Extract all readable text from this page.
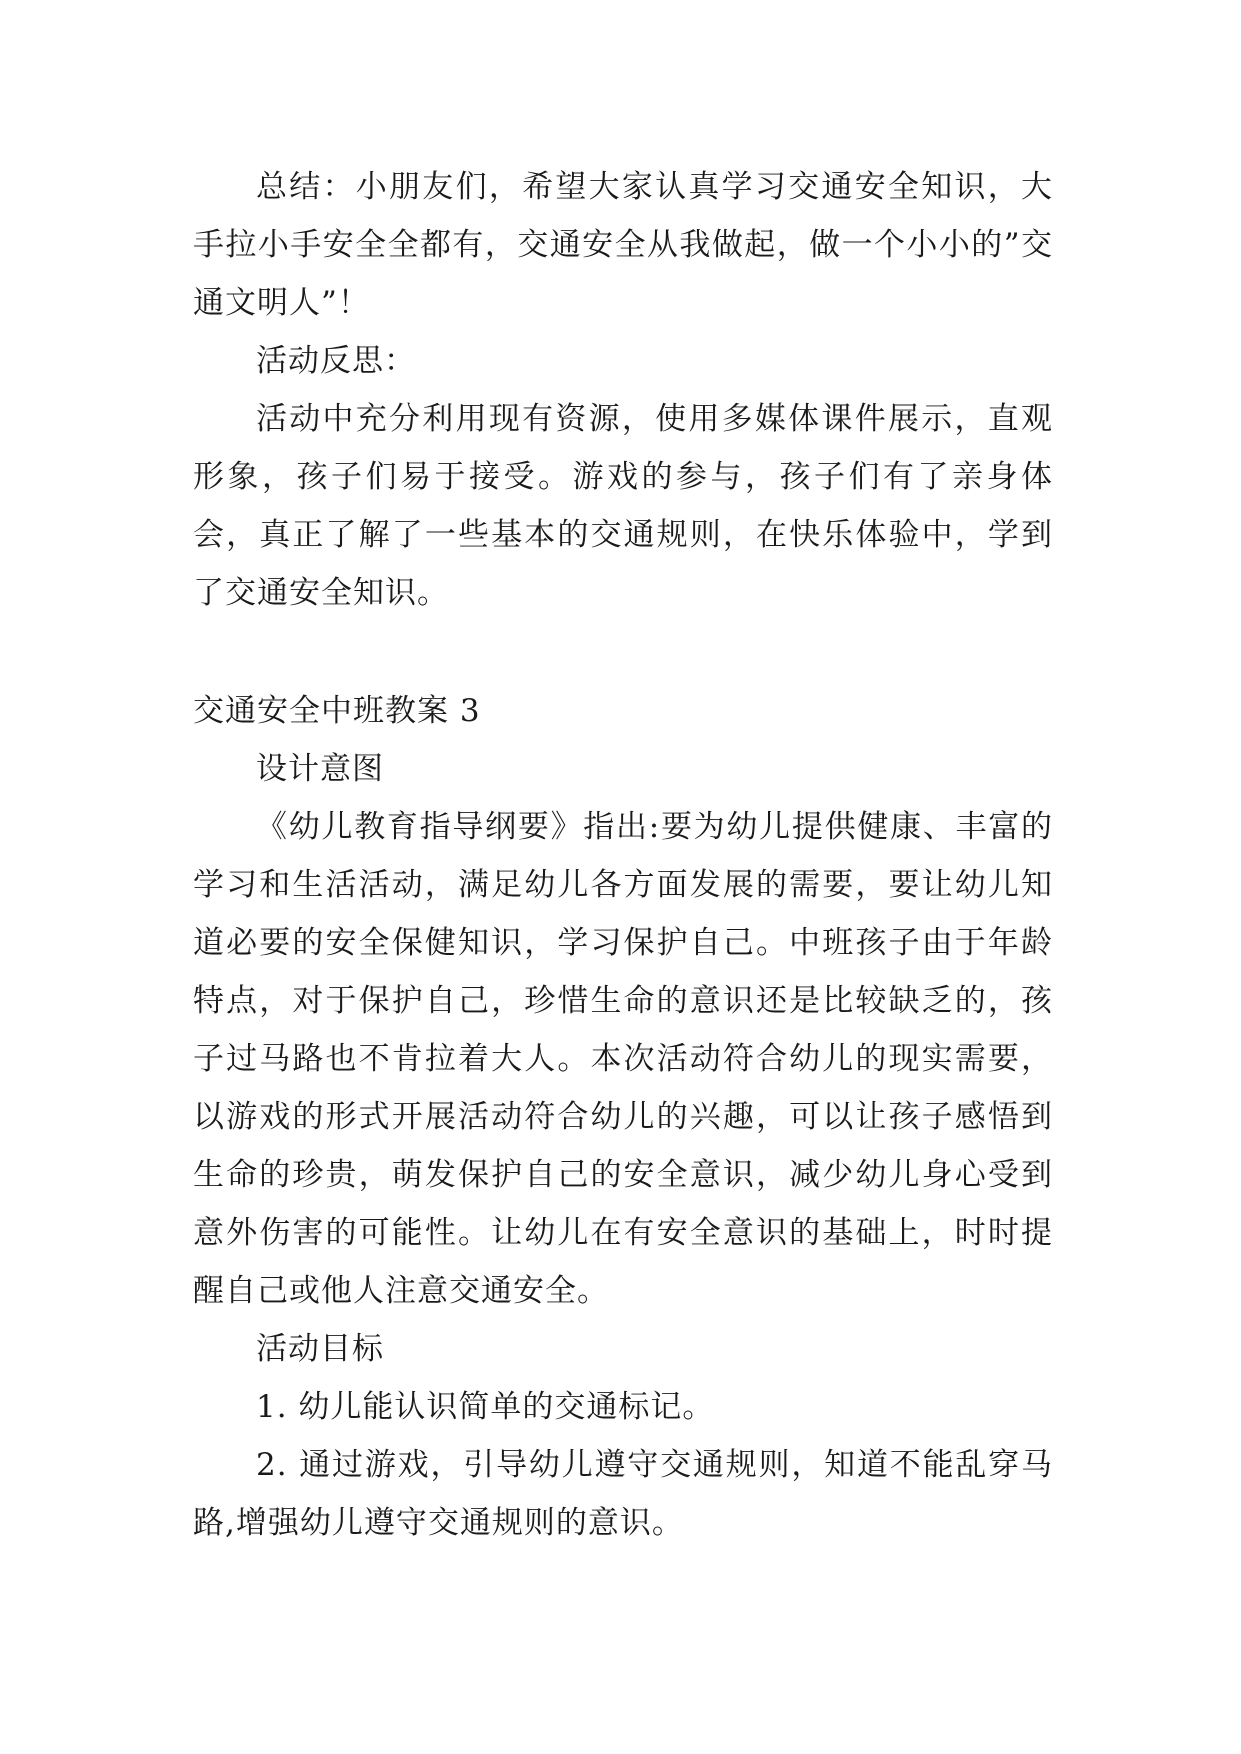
总结：小朋友们，希望大家认真学习交通安全知识，大手拉小手安全全都有，交通安全从我做起，做一个小小的”交通文明人”！

活动反思：

活动中充分利用现有资源，使用多媒体课件展示，直观形象，孩子们易于接受。游戏的参与，孩子们有了亲身体会，真正了解了一些基本的交通规则，在快乐体验中，学到了交通安全知识。

交通安全中班教案 3

设计意图

《幼儿教育指导纲要》指出:要为幼儿提供健康、丰富的学习和生活活动，满足幼儿各方面发展的需要，要让幼儿知道必要的安全保健知识，学习保护自己。中班孩子由于年龄特点，对于保护自己，珍惜生命的意识还是比较缺乏的，孩子过马路也不肯拉着大人。本次活动符合幼儿的现实需要，以游戏的形式开展活动符合幼儿的兴趣，可以让孩子感悟到生命的珍贵，萌发保护自己的安全意识，减少幼儿身心受到意外伤害的可能性。让幼儿在有安全意识的基础上，时时提醒自己或他人注意交通安全。

活动目标

1. 幼儿能认识简单的交通标记。

2. 通过游戏，引导幼儿遵守交通规则，知道不能乱穿马路,增强幼儿遵守交通规则的意识。
